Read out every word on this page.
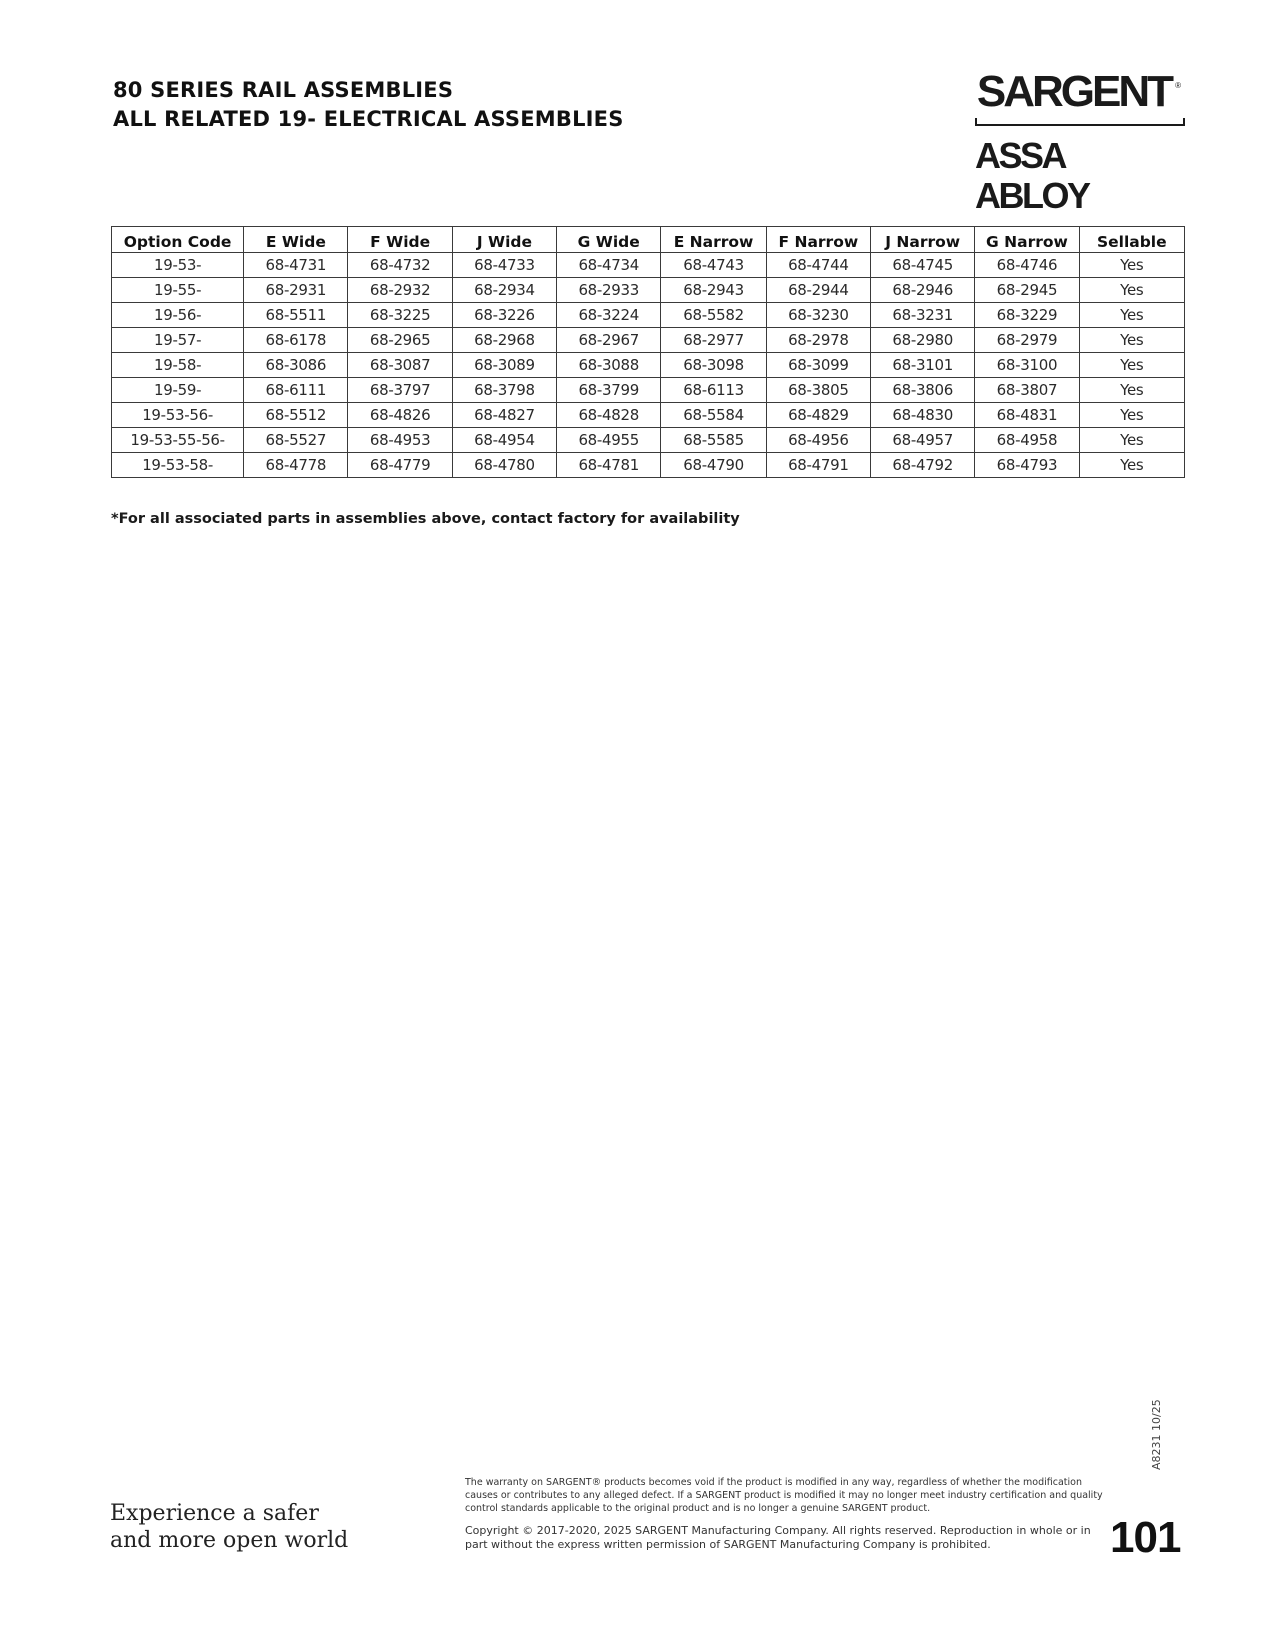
80 SERIES RAIL ASSEMBLIES
ALL RELATED 19- ELECTRICAL ASSEMBLIES
SARGENT ®
ASSA ABLOY
Option Code	E Wide	F Wide	J Wide	G Wide	E Narrow	F Narrow	J Narrow	G Narrow	Sellable
19-53-	68-4731	68-4732	68-4733	68-4734	68-4743	68-4744	68-4745	68-4746	Yes
19-55-	68-2931	68-2932	68-2934	68-2933	68-2943	68-2944	68-2946	68-2945	Yes
19-56-	68-5511	68-3225	68-3226	68-3224	68-5582	68-3230	68-3231	68-3229	Yes
19-57-	68-6178	68-2965	68-2968	68-2967	68-2977	68-2978	68-2980	68-2979	Yes
19-58-	68-3086	68-3087	68-3089	68-3088	68-3098	68-3099	68-3101	68-3100	Yes
19-59-	68-6111	68-3797	68-3798	68-3799	68-6113	68-3805	68-3806	68-3807	Yes
19-53-56-	68-5512	68-4826	68-4827	68-4828	68-5584	68-4829	68-4830	68-4831	Yes
19-53-55-56-	68-5527	68-4953	68-4954	68-4955	68-5585	68-4956	68-4957	68-4958	Yes
19-53-58-	68-4778	68-4779	68-4780	68-4781	68-4790	68-4791	68-4792	68-4793	Yes
*For all associated parts in assemblies above, contact factory for availability
Experience a safer
and more open world
The warranty on SARGENT® products becomes void if the product is modified in any way, regardless of whether the modification causes or contributes to any alleged defect. If a SARGENT product is modified it may no longer meet industry certification and quality control standards applicable to the original product and is no longer a genuine SARGENT product.
Copyright © 2017-2020, 2025 SARGENT Manufacturing Company. All rights reserved. Reproduction in whole or in part without the express written permission of SARGENT Manufacturing Company is prohibited.	101
A8231 10/25
